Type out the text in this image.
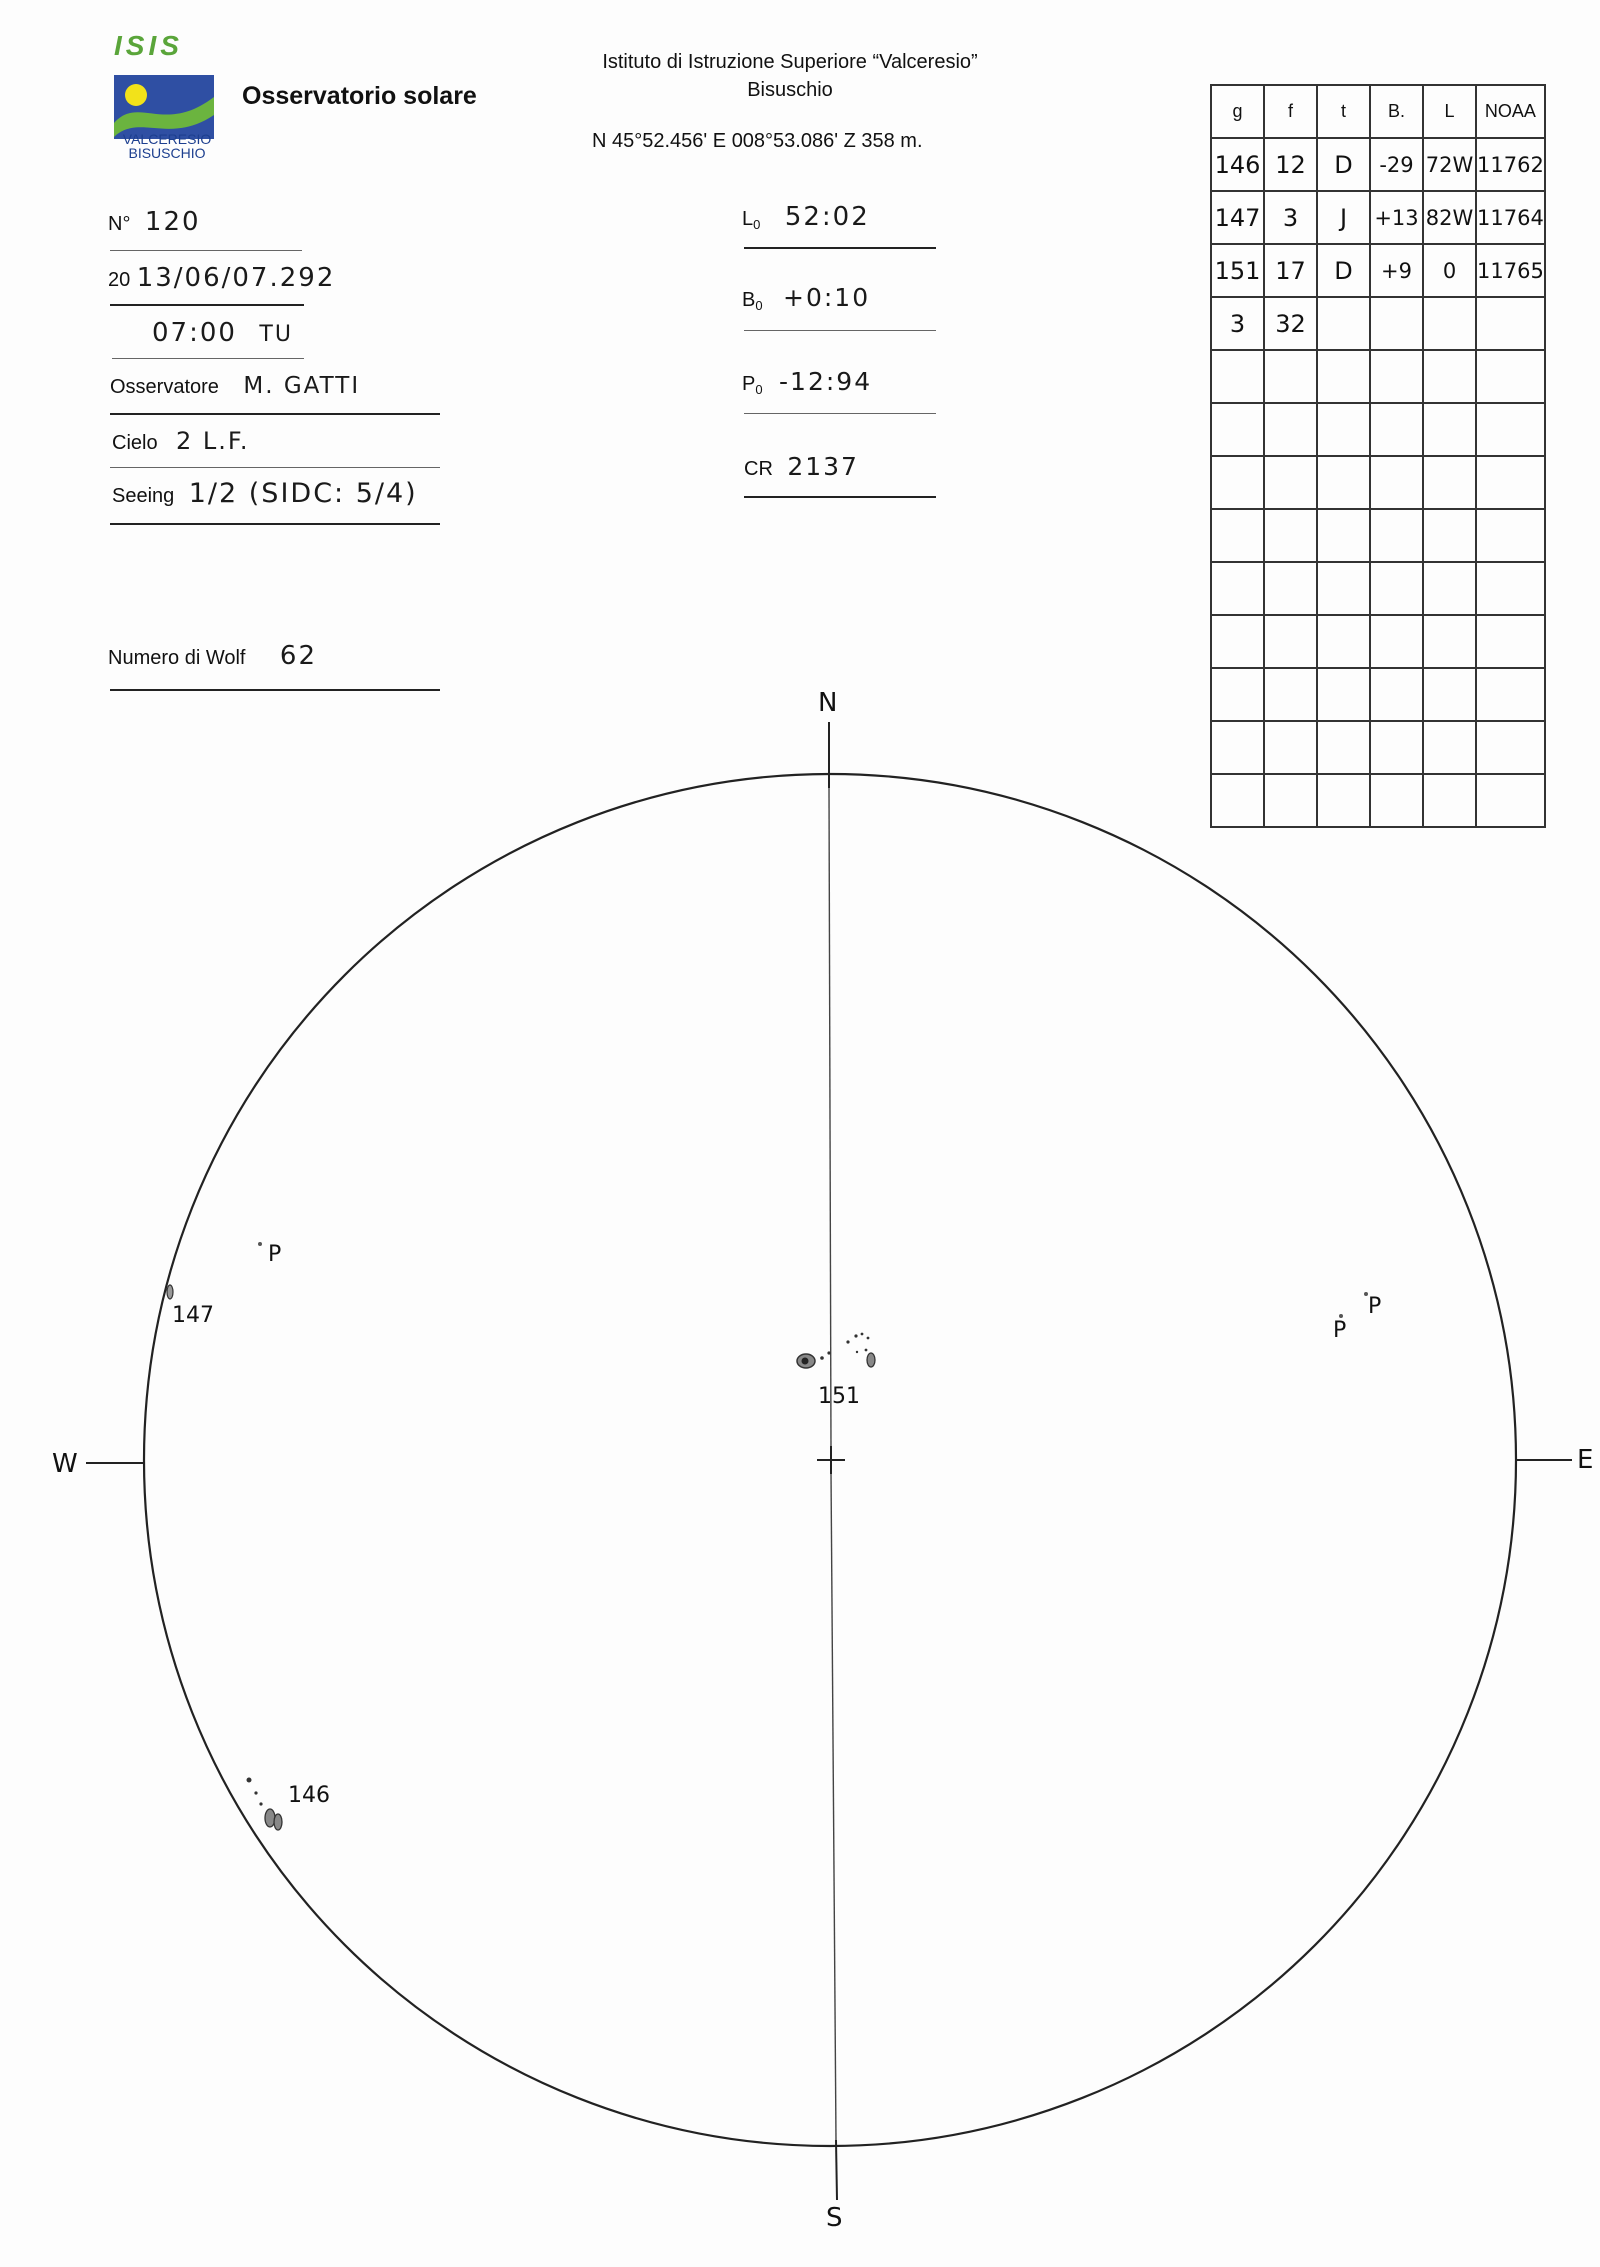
ISIS
VALCERESIO
BISUSCHIO
Osservatorio solare
Istituto di Istruzione Superiore “Valceresio”
Bisuschio
N 45°52.456' E 008°53.086' Z 358 m.
N° 120
20 13/06/07.292
07:00 TU
Osservatore M. GATTI
Cielo 2 L.F.
Seeing 1/2 (SIDC: 5/4)
Numero di Wolf 62
$L_0$ 52:02
$B_0$ +0:10
$P_0$ -12:94
CR 2137
g	f	t	B.	L	NOAA
146	12	D	-29	72W	11762
147	3	J	+13	82W	11764
151	17	D	+9	0	11765
3	32				

N
S
W	E
147
151
146
P
P
P
